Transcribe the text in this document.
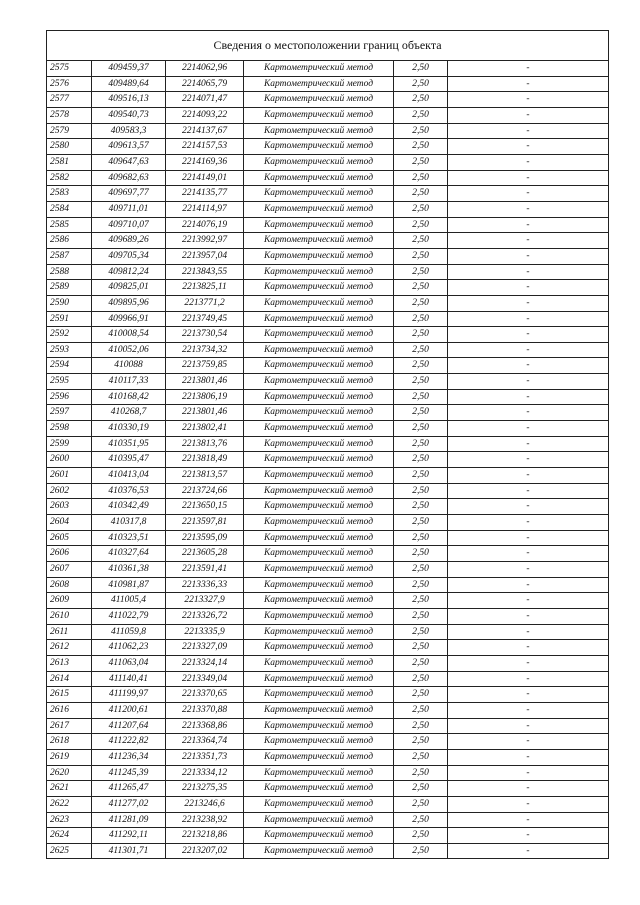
Сведения о местоположении границ объекта					
2575	409459,37	2214062,96	Картометрический метод	2,50	-
2576	409489,64	2214065,79	Картометрический метод	2,50	-
2577	409516,13	2214071,47	Картометрический метод	2,50	-
2578	409540,73	2214093,22	Картометрический метод	2,50	-
2579	409583,3	2214137,67	Картометрический метод	2,50	-
2580	409613,57	2214157,53	Картометрический метод	2,50	-
2581	409647,63	2214169,36	Картометрический метод	2,50	-
2582	409682,63	2214149,01	Картометрический метод	2,50	-
2583	409697,77	2214135,77	Картометрический метод	2,50	-
2584	409711,01	2214114,97	Картометрический метод	2,50	-
2585	409710,07	2214076,19	Картометрический метод	2,50	-
2586	409689,26	2213992,97	Картометрический метод	2,50	-
2587	409705,34	2213957,04	Картометрический метод	2,50	-
2588	409812,24	2213843,55	Картометрический метод	2,50	-
2589	409825,01	2213825,11	Картометрический метод	2,50	-
2590	409895,96	2213771,2	Картометрический метод	2,50	-
2591	409966,91	2213749,45	Картометрический метод	2,50	-
2592	410008,54	2213730,54	Картометрический метод	2,50	-
2593	410052,06	2213734,32	Картометрический метод	2,50	-
2594	410088	2213759,85	Картометрический метод	2,50	-
2595	410117,33	2213801,46	Картометрический метод	2,50	-
2596	410168,42	2213806,19	Картометрический метод	2,50	-
2597	410268,7	2213801,46	Картометрический метод	2,50	-
2598	410330,19	2213802,41	Картометрический метод	2,50	-
2599	410351,95	2213813,76	Картометрический метод	2,50	-
2600	410395,47	2213818,49	Картометрический метод	2,50	-
2601	410413,04	2213813,57	Картометрический метод	2,50	-
2602	410376,53	2213724,66	Картометрический метод	2,50	-
2603	410342,49	2213650,15	Картометрический метод	2,50	-
2604	410317,8	2213597,81	Картометрический метод	2,50	-
2605	410323,51	2213595,09	Картометрический метод	2,50	-
2606	410327,64	2213605,28	Картометрический метод	2,50	-
2607	410361,38	2213591,41	Картометрический метод	2,50	-
2608	410981,87	2213336,33	Картометрический метод	2,50	-
2609	411005,4	2213327,9	Картометрический метод	2,50	-
2610	411022,79	2213326,72	Картометрический метод	2,50	-
2611	411059,8	2213335,9	Картометрический метод	2,50	-
2612	411062,23	2213327,09	Картометрический метод	2,50	-
2613	411063,04	2213324,14	Картометрический метод	2,50	-
2614	411140,41	2213349,04	Картометрический метод	2,50	-
2615	411199,97	2213370,65	Картометрический метод	2,50	-
2616	411200,61	2213370,88	Картометрический метод	2,50	-
2617	411207,64	2213368,86	Картометрический метод	2,50	-
2618	411222,82	2213364,74	Картометрический метод	2,50	-
2619	411236,34	2213351,73	Картометрический метод	2,50	-
2620	411245,39	2213334,12	Картометрический метод	2,50	-
2621	411265,47	2213275,35	Картометрический метод	2,50	-
2622	411277,02	2213246,6	Картометрический метод	2,50	-
2623	411281,09	2213238,92	Картометрический метод	2,50	-
2624	411292,11	2213218,86	Картометрический метод	2,50	-
2625	411301,71	2213207,02	Картометрический метод	2,50	-
